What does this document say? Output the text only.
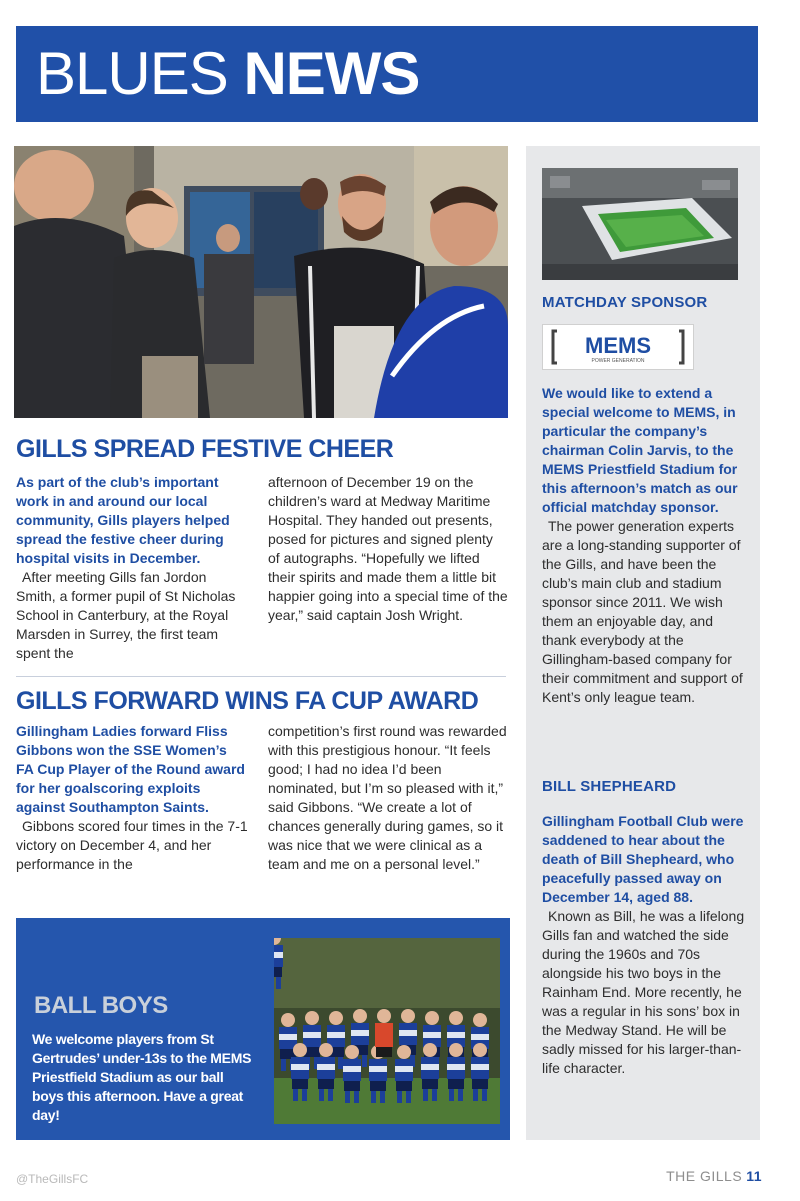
BLUES NEWS
GILLS SPREAD FESTIVE CHEER

As part of the club’s important work in and around our local community, Gills players helped spread the festive cheer during hospital visits in December.

After meeting Gills fan Jordon Smith, a former pupil of St Nicholas School in Canterbury, at the Royal Marsden in Surrey, the first team spent the

afternoon of December 19 on the children’s ward at Medway Maritime Hospital. They handed out presents, posed for pictures and signed plenty of autographs. “Hopefully we lifted their spirits and made them a little bit happier going into a special time of the year,” said captain Josh Wright.

GILLS FORWARD WINS FA CUP AWARD

Gillingham Ladies forward Fliss Gibbons won the SSE Women’s FA Cup Player of the Round award for her goalscoring exploits against Southampton Saints.

Gibbons scored four times in the 7-1 victory on December 4, and her performance in the

competition’s first round was rewarded with this prestigious honour. “It feels good; I had no idea I’d been nominated, but I’m so pleased with it,” said Gibbons. “We create a lot of chances generally during games, so it was nice that we were clinical as a team and me on a personal level.”

BALL BOYS
We welcome players from St Gertrudes’ under-13s to the MEMS Priestfield Stadium as our ball boys this afternoon. Have a great day!
MATCHDAY SPONSOR
MEMS
POWER GENERATION

We would like to extend a special welcome to MEMS, in particular the company’s chairman Colin Jarvis, to the MEMS Priestfield Stadium for this afternoon’s match as our official matchday sponsor.

The power generation experts are a long-standing supporter of the Gills, and have been the club’s main club and stadium sponsor since 2011. We wish them an enjoyable day, and thank everybody at the Gillingham-based company for their commitment and support of Kent’s only league team.

BILL SHEPHEARD

Gillingham Football Club were saddened to hear about the death of Bill Shepheard, who peacefully passed away on December 14, aged 88.

Known as Bill, he was a lifelong Gills fan and watched the side during the 1960s and 70s alongside his two boys in the Rainham End. More recently, he was a regular in his sons’ box in the Medway Stand. He will be sadly missed for his larger-than-life character.

@TheGillsFC	THE GILLS 11
